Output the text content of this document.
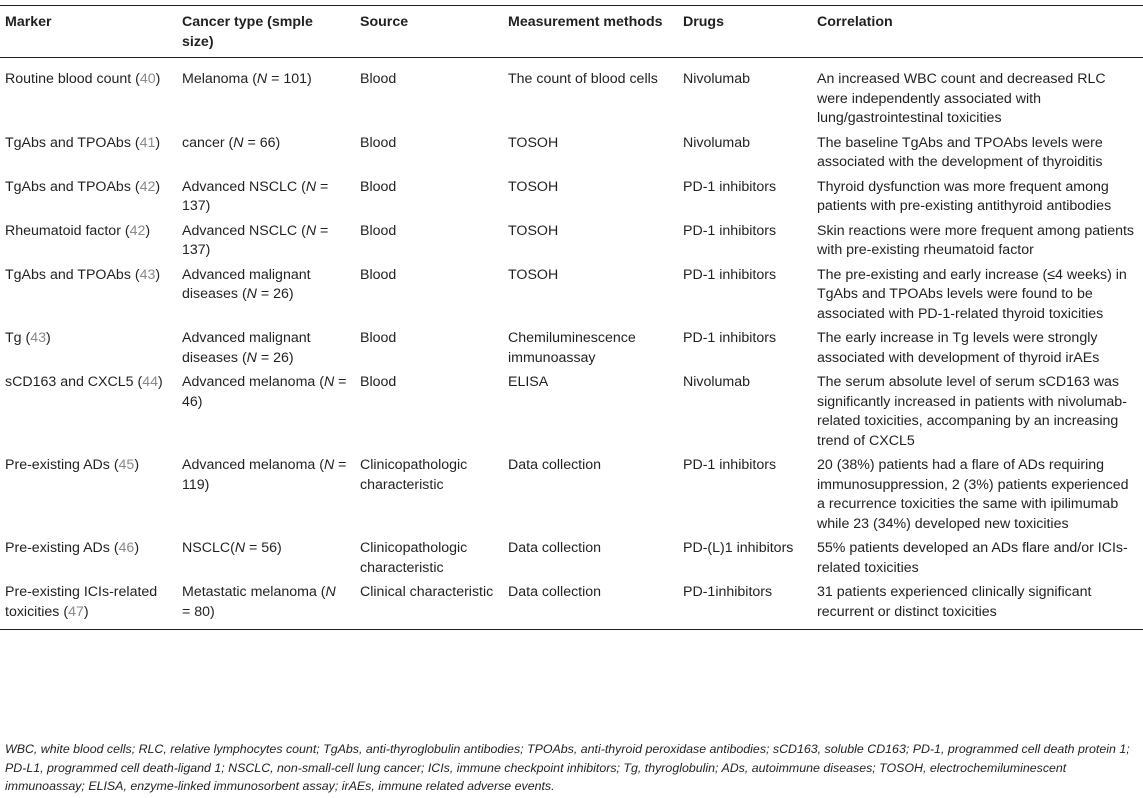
Marker	Cancer type (smple size)	Source	Measurement methods	Drugs	Correlation
Routine blood count (40)	Melanoma (N = 101)	Blood	The count of blood cells	Nivolumab	An increased WBC count and decreased RLC were independently associated with lung/gastrointestinal toxicities
TgAbs and TPOAbs (41)	cancer (N = 66)	Blood	TOSOH	Nivolumab	The baseline TgAbs and TPOAbs levels were associated with the development of thyroiditis
TgAbs and TPOAbs (42)	Advanced NSCLC (N = 137)	Blood	TOSOH	PD-1 inhibitors	Thyroid dysfunction was more frequent among patients with pre-existing antithyroid antibodies
Rheumatoid factor (42)	Advanced NSCLC (N = 137)	Blood	TOSOH	PD-1 inhibitors	Skin reactions were more frequent among patients with pre-existing rheumatoid factor
TgAbs and TPOAbs (43)	Advanced malignant diseases (N = 26)	Blood	TOSOH	PD-1 inhibitors	The pre-existing and early increase (≤4 weeks) in TgAbs and TPOAbs levels were found to be associated with PD-1-related thyroid toxicities
Tg (43)	Advanced malignant diseases (N = 26)	Blood	Chemiluminescence immunoassay	PD-1 inhibitors	The early increase in Tg levels were strongly associated with development of thyroid irAEs
sCD163 and CXCL5 (44)	Advanced melanoma (N = 46)	Blood	ELISA	Nivolumab	The serum absolute level of serum sCD163 was significantly increased in patients with nivolumab-related toxicities, accompaning by an increasing trend of CXCL5
Pre-existing ADs (45)	Advanced melanoma (N = 119)	Clinicopathologic characteristic	Data collection	PD-1 inhibitors	20 (38%) patients had a flare of ADs requiring immunosuppression, 2 (3%) patients experienced a recurrence toxicities the same with ipilimumab while 23 (34%) developed new toxicities
Pre-existing ADs (46)	NSCLC(N = 56)	Clinicopathologic characteristic	Data collection	PD-(L)1 inhibitors	55% patients developed an ADs flare and/or ICIs-related toxicities
Pre-existing ICIs-related toxicities (47)	Metastatic melanoma (N = 80)	Clinical characteristic	Data collection	PD-1inhibitors	31 patients experienced clinically significant recurrent or distinct toxicities
WBC, white blood cells; RLC, relative lymphocytes count; TgAbs, anti-thyroglobulin antibodies; TPOAbs, anti-thyroid peroxidase antibodies; sCD163, soluble CD163; PD-1, programmed cell death protein 1; PD-L1, programmed cell death-ligand 1; NSCLC, non-small-cell lung cancer; ICIs, immune checkpoint inhibitors; Tg, thyroglobulin; ADs, autoimmune diseases; TOSOH, electrochemiluminescent immunoassay; ELISA, enzyme-linked immunosorbent assay; irAEs, immune related adverse events.
